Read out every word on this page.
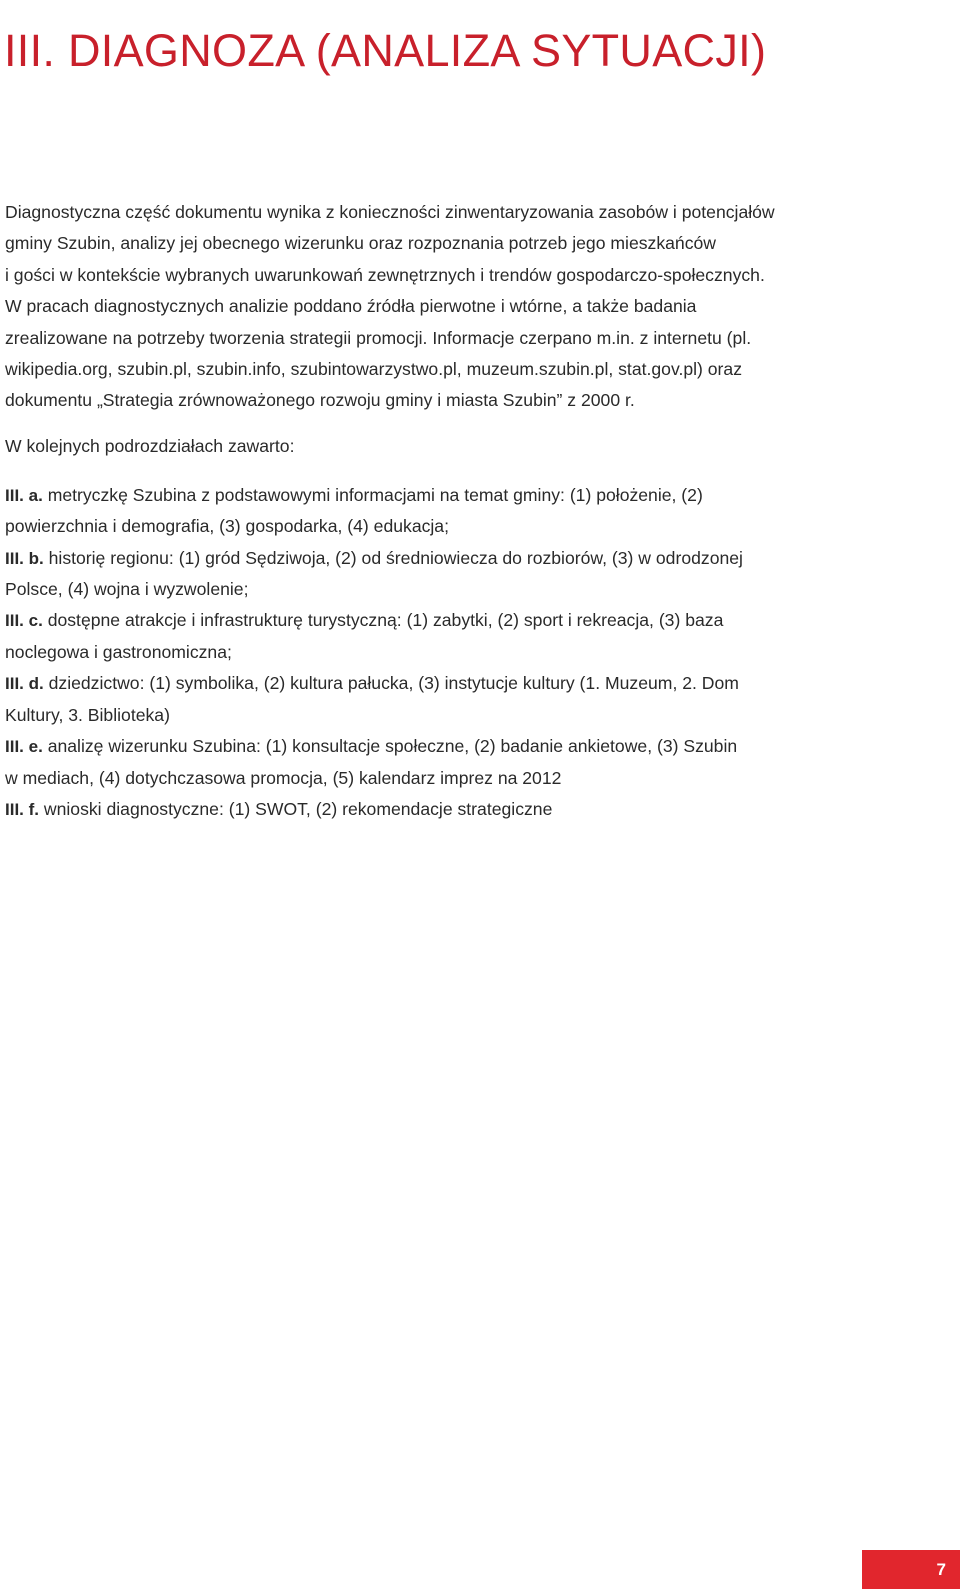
III. DIAGNOZA (ANALIZA SYTUACJI)

Diagnostyczna część dokumentu wynika z konieczności zinwentaryzowania zasobów i potencjałów

gminy Szubin, analizy jej obecnego wizerunku oraz rozpoznania potrzeb jego mieszkańców

i gości w kontekście wybranych uwarunkowań zewnętrznych i trendów gospodarczo-społecznych.

W pracach diagnostycznych analizie poddano źródła pierwotne i wtórne, a także badania

zrealizowane na potrzeby tworzenia strategii promocji. Informacje czerpano m.in. z internetu (pl.

wikipedia.org, szubin.pl, szubin.info, szubintowarzystwo.pl, muzeum.szubin.pl, stat.gov.pl) oraz

dokumentu „Strategia zrównoważonego rozwoju gminy i miasta Szubin” z 2000 r.

W kolejnych podrozdziałach zawarto:

III. a. metryczkę Szubina z podstawowymi informacjami na temat gminy: (1) położenie, (2)
powierzchnia i demografia, (3) gospodarka, (4) edukacja;
III. b. historię regionu: (1) gród Sędziwoja, (2) od średniowiecza do rozbiorów, (3) w odrodzonej
Polsce, (4) wojna i wyzwolenie;
III. c. dostępne atrakcje i infrastrukturę turystyczną: (1) zabytki, (2) sport i rekreacja, (3) baza
noclegowa i gastronomiczna;
III. d. dziedzictwo: (1) symbolika, (2) kultura pałucka, (3) instytucje kultury (1. Muzeum, 2. Dom
Kultury, 3. Biblioteka)
III. e. analizę wizerunku Szubina: (1) konsultacje społeczne, (2) badanie ankietowe, (3) Szubin
w mediach, (4) dotychczasowa promocja, (5) kalendarz imprez na 2012
III. f. wnioski diagnostyczne: (1) SWOT, (2) rekomendacje strategiczne
7
